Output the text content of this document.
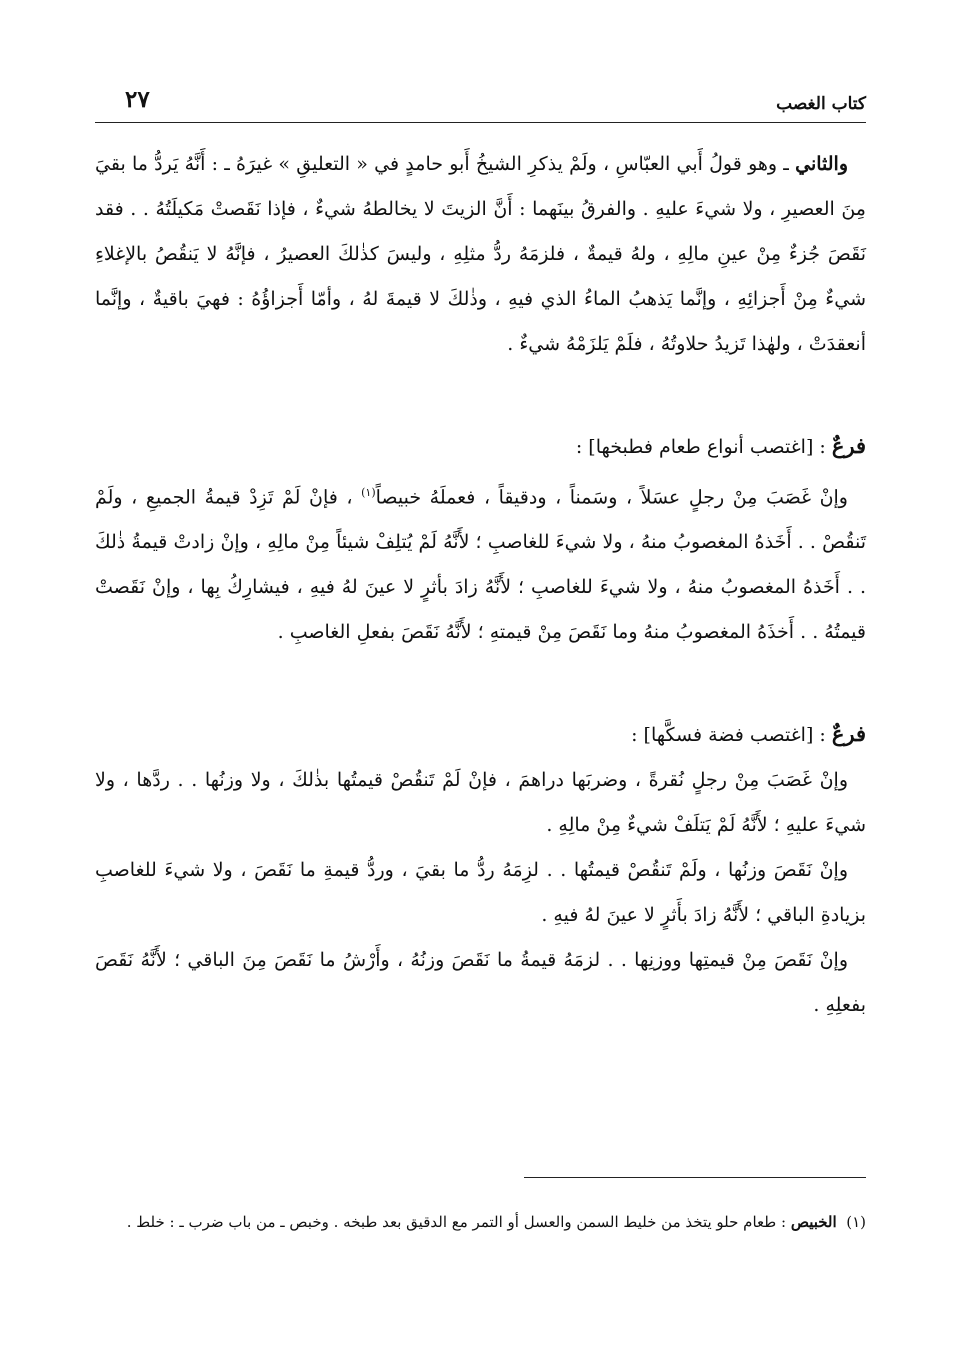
كتاب الغصب
٢٧

والثاني ـ وهو قولُ أَبي العبّاسِ ، ولَمْ يذكرِ الشيخُ أَبو حامدٍ في « التعليقِ » غيرَهُ ـ : أَنَّهُ يَردُّ ما بقيَ مِنَ العصيرِ ، ولا شيءَ عليهِ . والفرقُ بينَهما : أَنَّ الزيتَ لا يخالطهُ شيءٌ ، فإذا نَقَصتْ مَكيلَتُهُ . . فقد نَقَصَ جُزءٌ مِنْ عينِ مالِهِ ، ولهُ قيمةٌ ، فلزمَهُ ردُّ مثلِهِ ، وليسَ كذٰلكَ العصيرُ ، فإنَّهُ لا يَنقُصُ بالإغلاءِ شيءٌ مِنْ أَجزائِهِ ، وإنَّما يَذهبُ الماءُ الذي فيهِ ، وذٰلكَ لا قيمةَ لهُ ، وأمّا أَجزاؤُهُ : فهيَ باقيةٌ ، وإنَّما أنعقدَتْ ، ولهٰذا تَزيدُ حلاوتُهُ ، فلَمْ يَلزَمْهُ شيءٌ .

فرعٌ : [اغتصب أنواع طعام فطبخها] :

وإنْ غَصَبَ مِنْ رجلٍ عسَلاً ، وسَمناً ، ودقيقاً ، فعملَهُ خبيصاً$^{(١)}$ ، فإنْ لَمْ تَزِدْ قيمةُ الجميعِ ، ولَمْ تَنقُصْ . . أَخَذهُ المغصوبُ منهُ ، ولا شيءَ للغاصبِ ؛ لأَنَّهُ لَمْ يُتلِفْ شيئاً مِنْ مالِهِ ، وإنْ زادتْ قيمةُ ذٰلكَ . . أَخَذهُ المغصوبُ منهُ ، ولا شيءَ للغاصبِ ؛ لأَنَّهُ زادَ بأثرٍ لا عينَ لهُ فيهِ ، فيشارِكُ بِها ، وإنْ نَقَصتْ قيمتُهُ . . أَخذَهُ المغصوبُ منهُ وما نَقَصَ مِنْ قيمتهِ ؛ لأَنَّهُ نَقَصَ بفعلِ الغاصبِ .

فرعٌ : [اغتصب فضة فسكَّها] :

وإنْ غَصَبَ مِنْ رجلٍ نُقرةً ، وضربَها دراهمَ ، فإنْ لَمْ تَنقُصْ قيمتُها بذٰلكَ ، ولا وزنُها . . ردَّها ، ولا شيءَ عليهِ ؛ لأَنَّهُ لَمْ يَتلَفْ شيءٌ مِنْ مالِهِ .

وإنْ نَقَصَ وزنُها ، ولَمْ تَنقُصْ قيمتُها . . لزِمَهُ ردُّ ما بقيَ ، وردُّ قيمةِ ما نَقَصَ ، ولا شيءَ للغاصبِ بزيادةِ الباقي ؛ لأَنَّهُ زادَ بأَثرٍ لا عينَ لهُ فيهِ .

وإنْ نَقَصَ مِنْ قيمتِها ووزنِها . . لزمَهُ قيمةُ ما نَقَصَ وزنُهُ ، وأَرْشُ ما نَقَصَ مِنَ الباقي ؛ لأَنَّهُ نَقَصَ بفعلِهِ .

(١)  الخبيص : طعام حلو يتخذ من خليط السمن والعسل أو التمر مع الدقيق بعد طبخه . وخبص ـ من باب ضرب ـ : خلط .
